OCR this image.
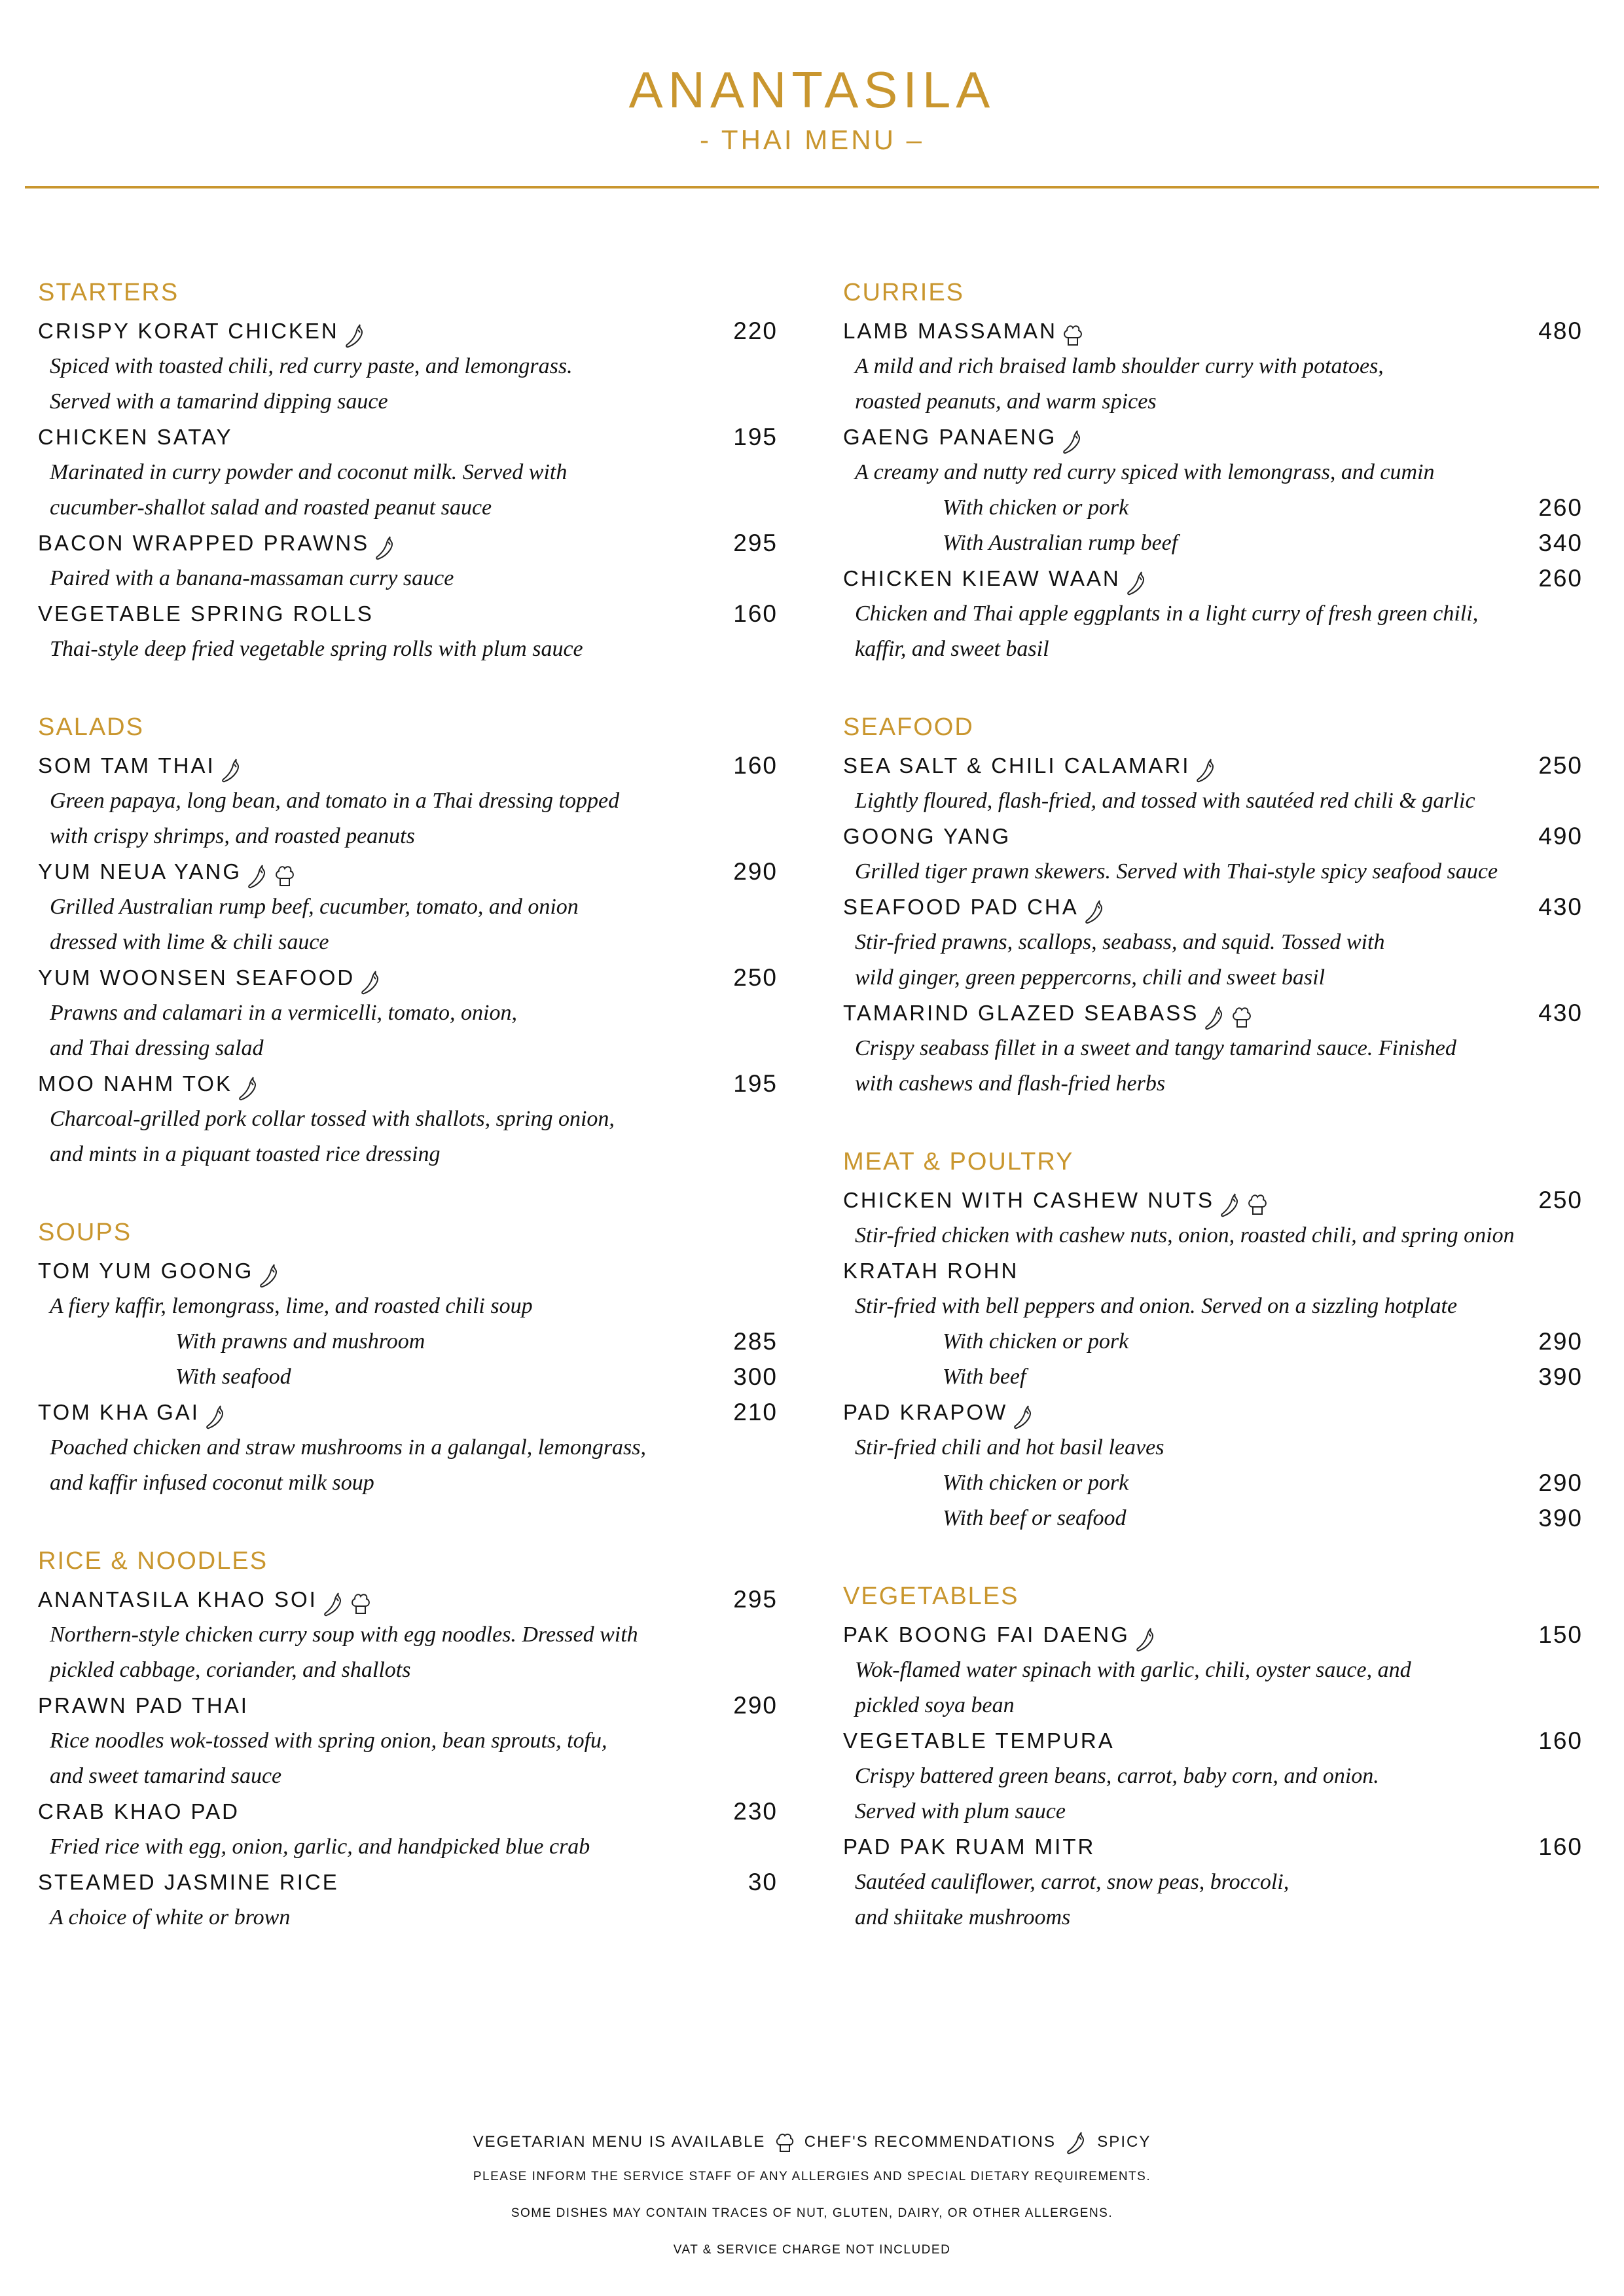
ANANTASILA
- THAI MENU –
STARTERS
CRISPY KORAT CHICKEN	220
Spiced with toasted chili, red curry paste, and lemongrass.
Served with a tamarind dipping sauce
CHICKEN SATAY	195
Marinated in curry powder and coconut milk. Served with
cucumber-shallot salad and roasted peanut sauce
BACON WRAPPED PRAWNS	295
Paired with a banana-massaman curry sauce
VEGETABLE SPRING ROLLS	160
Thai-style deep fried vegetable spring rolls with plum sauce
SALADS
SOM TAM THAI	160
Green papaya, long bean, and tomato in a Thai dressing topped
with crispy shrimps, and roasted peanuts
YUM NEUA YANG	290
Grilled Australian rump beef, cucumber, tomato, and onion
dressed with lime & chili sauce
YUM WOONSEN SEAFOOD	250
Prawns and calamari in a vermicelli, tomato, onion,
and Thai dressing salad
MOO NAHM TOK	195
Charcoal-grilled pork collar tossed with shallots, spring onion,
and mints in a piquant toasted rice dressing
SOUPS
TOM YUM GOONG
A fiery kaffir, lemongrass, lime, and roasted chili soup
With prawns and mushroom	285
With seafood	300
TOM KHA GAI	210
Poached chicken and straw mushrooms in a galangal, lemongrass,
and kaffir infused coconut milk soup
RICE & NOODLES
ANANTASILA KHAO SOI	295
Northern-style chicken curry soup with egg noodles. Dressed with
pickled cabbage, coriander, and shallots
PRAWN PAD THAI	290
Rice noodles wok-tossed with spring onion, bean sprouts, tofu,
and sweet tamarind sauce
CRAB KHAO PAD	230
Fried rice with egg, onion, garlic, and handpicked blue crab
STEAMED JASMINE RICE	30
A choice of white or brown
CURRIES
LAMB MASSAMAN	480
A mild and rich braised lamb shoulder curry with potatoes,
roasted peanuts, and warm spices
GAENG PANAENG
A creamy and nutty red curry spiced with lemongrass, and cumin
With chicken or pork	260
With Australian rump beef	340
CHICKEN KIEAW WAAN	260
Chicken and Thai apple eggplants in a light curry of fresh green chili,
kaffir, and sweet basil
SEAFOOD
SEA SALT & CHILI CALAMARI	250
Lightly floured, flash-fried, and tossed with sautéed red chili & garlic
GOONG YANG	490
Grilled tiger prawn skewers. Served with Thai-style spicy seafood sauce
SEAFOOD PAD CHA	430
Stir-fried prawns, scallops, seabass, and squid. Tossed with
wild ginger, green peppercorns, chili and sweet basil
TAMARIND GLAZED SEABASS	430
Crispy seabass fillet in a sweet and tangy tamarind sauce. Finished
with cashews and flash-fried herbs
MEAT & POULTRY
CHICKEN WITH CASHEW NUTS	250
Stir-fried chicken with cashew nuts, onion, roasted chili, and spring onion
KRATAH ROHN
Stir-fried with bell peppers and onion. Served on a sizzling hotplate
With chicken or pork	290
With beef	390
PAD KRAPOW
Stir-fried chili and hot basil leaves
With chicken or pork	290
With beef or seafood	390
VEGETABLES
PAK BOONG FAI DAENG	150
Wok-flamed water spinach with garlic, chili, oyster sauce, and
pickled soya bean
VEGETABLE TEMPURA	160
Crispy battered green beans, carrot, baby corn, and onion.
Served with plum sauce
PAD PAK RUAM MITR	160
Sautéed cauliflower, carrot, snow peas, broccoli,
and shiitake mushrooms
VEGETARIAN MENU IS AVAILABLE CHEF'S RECOMMENDATIONS	SPICY
PLEASE INFORM THE SERVICE STAFF OF ANY ALLERGIES AND SPECIAL DIETARY REQUIREMENTS.
SOME DISHES MAY CONTAIN TRACES OF NUT, GLUTEN, DAIRY, OR OTHER ALLERGENS.
VAT & SERVICE CHARGE NOT INCLUDED
